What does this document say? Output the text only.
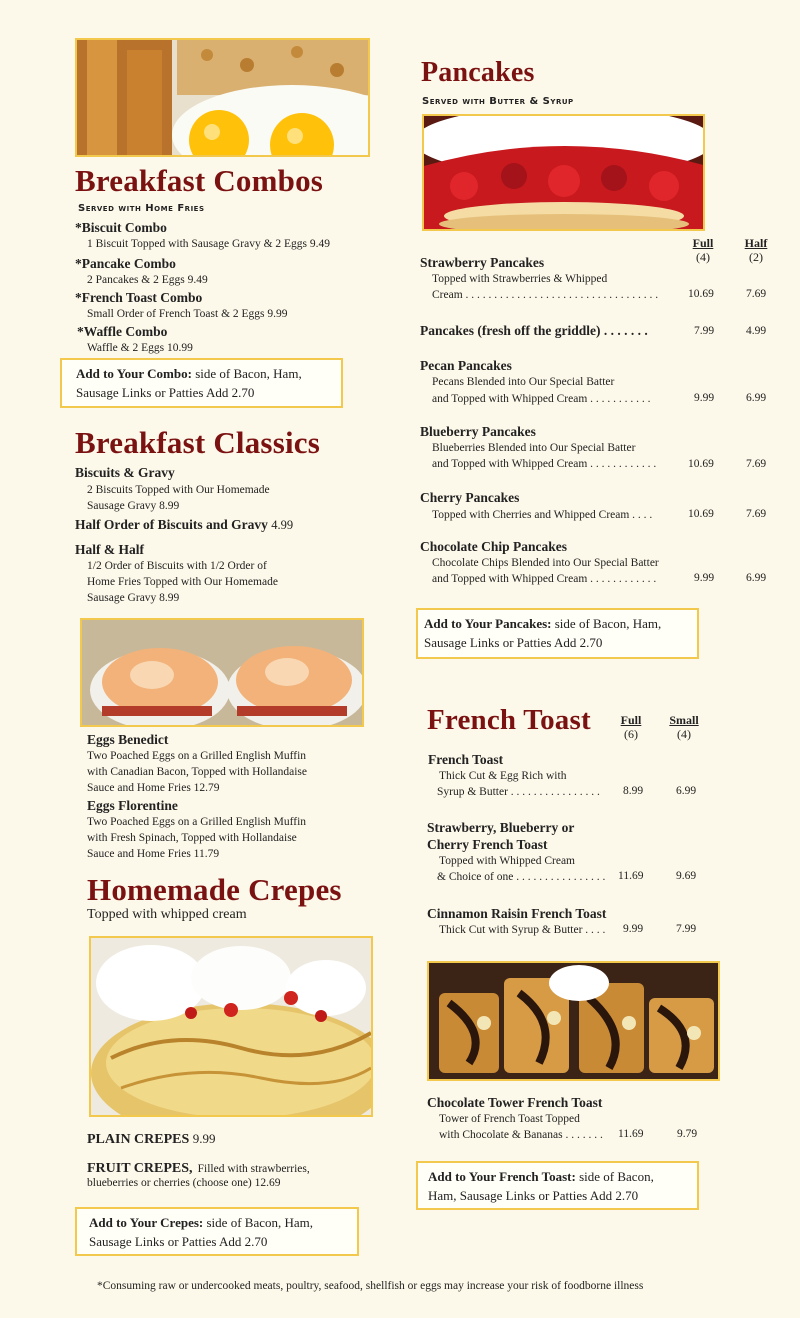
Breakfast Combos
Served with Home Fries
*Biscuit Combo
1 Biscuit Topped with Sausage Gravy & 2 Eggs 9.49
*Pancake Combo
2 Pancakes & 2 Eggs 9.49
*French Toast Combo
Small Order of French Toast & 2 Eggs 9.99
*Waffle Combo
Waffle & 2 Eggs 10.99
Add to Your Combo: side of Bacon, Ham,
Sausage Links or Patties Add 2.70
Breakfast Classics
Biscuits & Gravy
2 Biscuits Topped with Our Homemade
Sausage Gravy 8.99
Half Order of Biscuits and Gravy 4.99
Half & Half
1/2 Order of Biscuits with 1/2 Order of
Home Fries Topped with Our Homemade
Sausage Gravy 8.99
Eggs Benedict
Two Poached Eggs on a Grilled English Muffin
with Canadian Bacon, Topped with Hollandaise
Sauce and Home Fries 12.79
Eggs Florentine
Two Poached Eggs on a Grilled English Muffin
with Fresh Spinach, Topped with Hollandaise
Sauce and Home Fries 11.79
Homemade Crepes
Topped with whipped cream
PLAIN CREPES 9.99
FRUIT CREPES, Filled with strawberries,
blueberries or cherries (choose one) 12.69
Add to Your Crepes: side of Bacon, Ham,
Sausage Links or Patties Add 2.70
Pancakes
Served with Butter & Syrup
Full
(4)
Half
(2)
Strawberry Pancakes
Topped with Strawberries & Whipped
Cream . . . . . . . . . . . . . . . . . . . . . . . . . . . . . . . . . .	10.69	7.69
Pancakes (fresh off the griddle) . . . . . . .	7.99	4.99
Pecan Pancakes
Pecans Blended into Our Special Batter
and Topped with Whipped Cream . . . . . . . . . . .	9.99	6.99
Blueberry Pancakes
Blueberries Blended into Our Special Batter
and Topped with Whipped Cream . . . . . . . . . . . .	10.69	7.69
Cherry Pancakes
Topped with Cherries and Whipped Cream . . . .	10.69	7.69
Chocolate Chip Pancakes
Chocolate Chips Blended into Our Special Batter
and Topped with Whipped Cream . . . . . . . . . . . .	9.99	6.99
Add to Your Pancakes: side of Bacon, Ham,
Sausage Links or Patties Add 2.70
French Toast	Full
(6)
Small
(4)
French Toast
Thick Cut & Egg Rich with
Syrup & Butter . . . . . . . . . . . . . . . . 8.99	6.99
Strawberry, Blueberry or
Cherry French Toast
Topped with Whipped Cream
& Choice of one . . . . . . . . . . . . . . . . 11.69	9.69
Cinnamon Raisin French Toast
Thick Cut with Syrup & Butter . . . . 9.99	7.99
Chocolate Tower French Toast
Tower of French Toast Topped
with Chocolate & Bananas . . . . . . . 11.69	9.79
Add to Your French Toast: side of Bacon,
Ham, Sausage Links or Patties Add 2.70
*Consuming raw or undercooked meats, poultry, seafood, shellfish or eggs may increase your risk of foodborne illness
